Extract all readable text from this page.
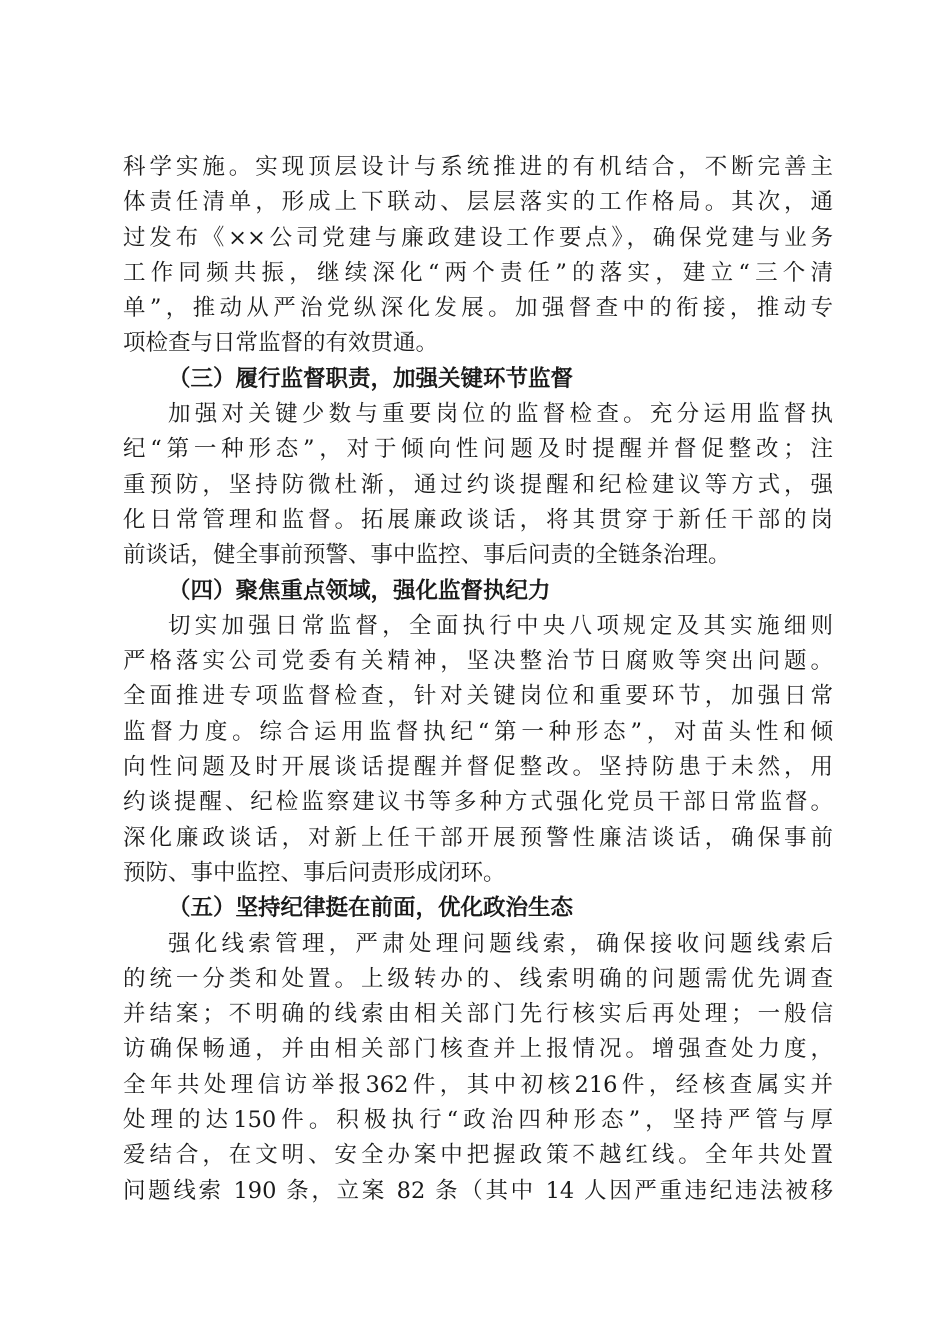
科学实施。实现顶层设计与系统推进的有机结合，不断完善主
体责任清单，形成上下联动、层层落实的工作格局。其次，通
过发布《××公司党建与廉政建设工作要点》，确保党建与业务
工作同频共振，继续深化“两个责任”的落实，建立“三个清
单”，推动从严治党纵深化发展。加强督查中的衔接，推动专
项检查与日常监督的有效贯通。
（三）履行监督职责，加强关键环节监督
加强对关键少数与重要岗位的监督检查。充分运用监督执
纪“第一种形态”，对于倾向性问题及时提醒并督促整改；注
重预防，坚持防微杜渐，通过约谈提醒和纪检建议等方式，强
化日常管理和监督。拓展廉政谈话，将其贯穿于新任干部的岗
前谈话，健全事前预警、事中监控、事后问责的全链条治理。
（四）聚焦重点领域，强化监督执纪力
切实加强日常监督，全面执行中央八项规定及其实施细则
严格落实公司党委有关精神，坚决整治节日腐败等突出问题。
全面推进专项监督检查，针对关键岗位和重要环节，加强日常
监督力度。综合运用监督执纪“第一种形态”，对苗头性和倾
向性问题及时开展谈话提醒并督促整改。坚持防患于未然，用
约谈提醒、纪检监察建议书等多种方式强化党员干部日常监督。
深化廉政谈话，对新上任干部开展预警性廉洁谈话，确保事前
预防、事中监控、事后问责形成闭环。
（五）坚持纪律挺在前面，优化政治生态
强化线索管理，严肃处理问题线索，确保接收问题线索后
的统一分类和处置。上级转办的、线索明确的问题需优先调查
并结案；不明确的线索由相关部门先行核实后再处理；一般信
访确保畅通，并由相关部门核查并上报情况。增强查处力度，
全年共处理信访举报362件，其中初核216件，经核查属实并
处理的达150件。积极执行“政治四种形态”，坚持严管与厚
爱结合，在文明、安全办案中把握政策不越红线。全年共处置
问题线索 190 条，立案 82 条（其中 14 人因严重违纪违法被移
